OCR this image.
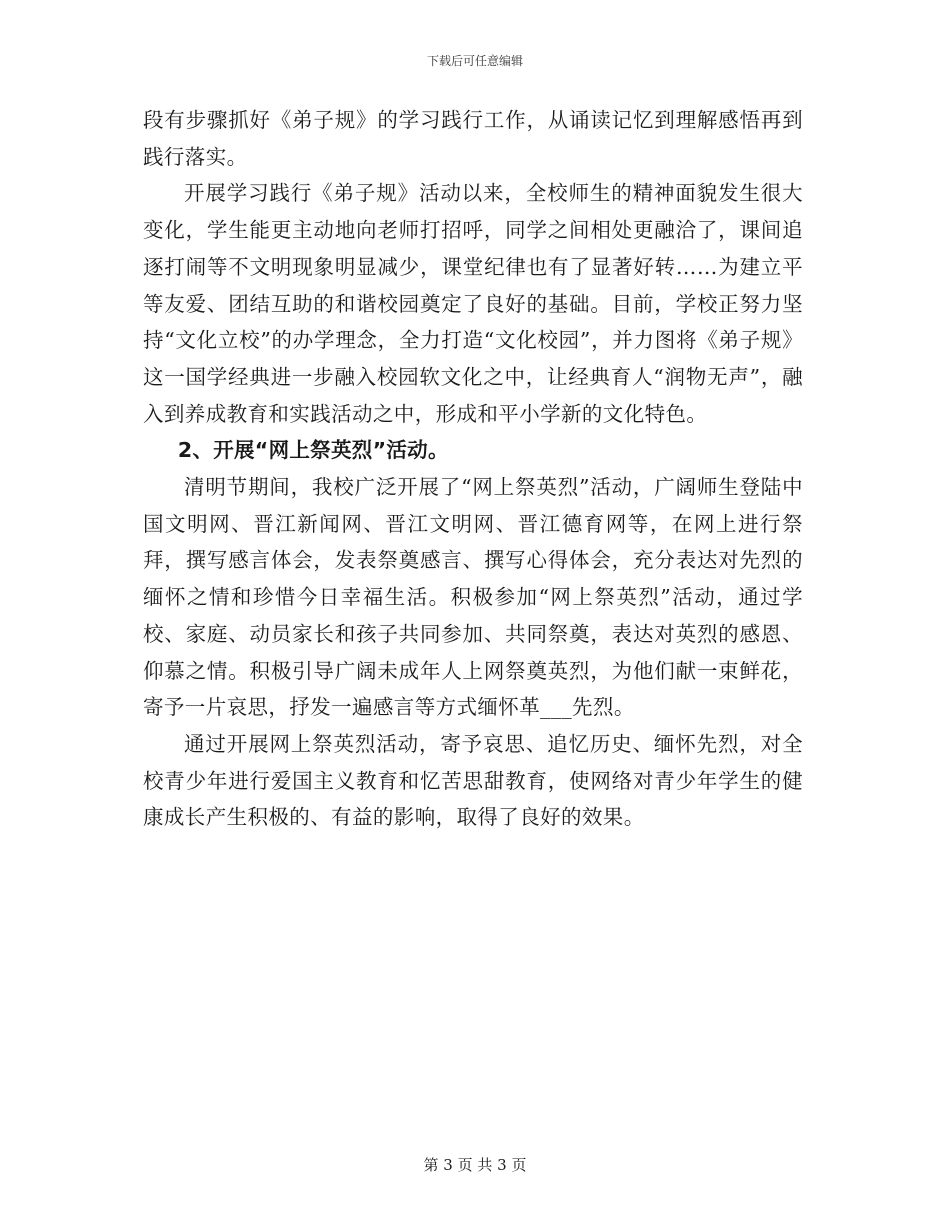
下载后可任意编辑

段有步骤抓好《弟子规》的学习践行工作，从诵读记忆到理解感悟再到践行落实。

开展学习践行《弟子规》活动以来，全校师生的精神面貌发生很大变化，学生能更主动地向老师打招呼，同学之间相处更融洽了，课间追逐打闹等不文明现象明显减少，课堂纪律也有了显著好转……为建立平等友爱、团结互助的和谐校园奠定了良好的基础。目前，学校正努力坚持“文化立校”的办学理念，全力打造“文化校园”，并力图将《弟子规》这一国学经典进一步融入校园软文化之中，让经典育人“润物无声”，融入到养成教育和实践活动之中，形成和平小学新的文化特色。

2、开展“网上祭英烈”活动。

清明节期间，我校广泛开展了“网上祭英烈”活动，广阔师生登陆中国文明网、晋江新闻网、晋江文明网、晋江德育网等，在网上进行祭拜，撰写感言体会，发表祭奠感言、撰写心得体会，充分表达对先烈的缅怀之情和珍惜今日幸福生活。积极参加“网上祭英烈”活动，通过学校、家庭、动员家长和孩子共同参加、共同祭奠，表达对英烈的感恩、仰慕之情。积极引导广阔未成年人上网祭奠英烈，为他们献一束鲜花，寄予一片哀思，抒发一遍感言等方式缅怀革___先烈。

通过开展网上祭英烈活动，寄予哀思、追忆历史、缅怀先烈，对全校青少年进行爱国主义教育和忆苦思甜教育，使网络对青少年学生的健康成长产生积极的、有益的影响，取得了良好的效果。

第 3 页 共 3 页
